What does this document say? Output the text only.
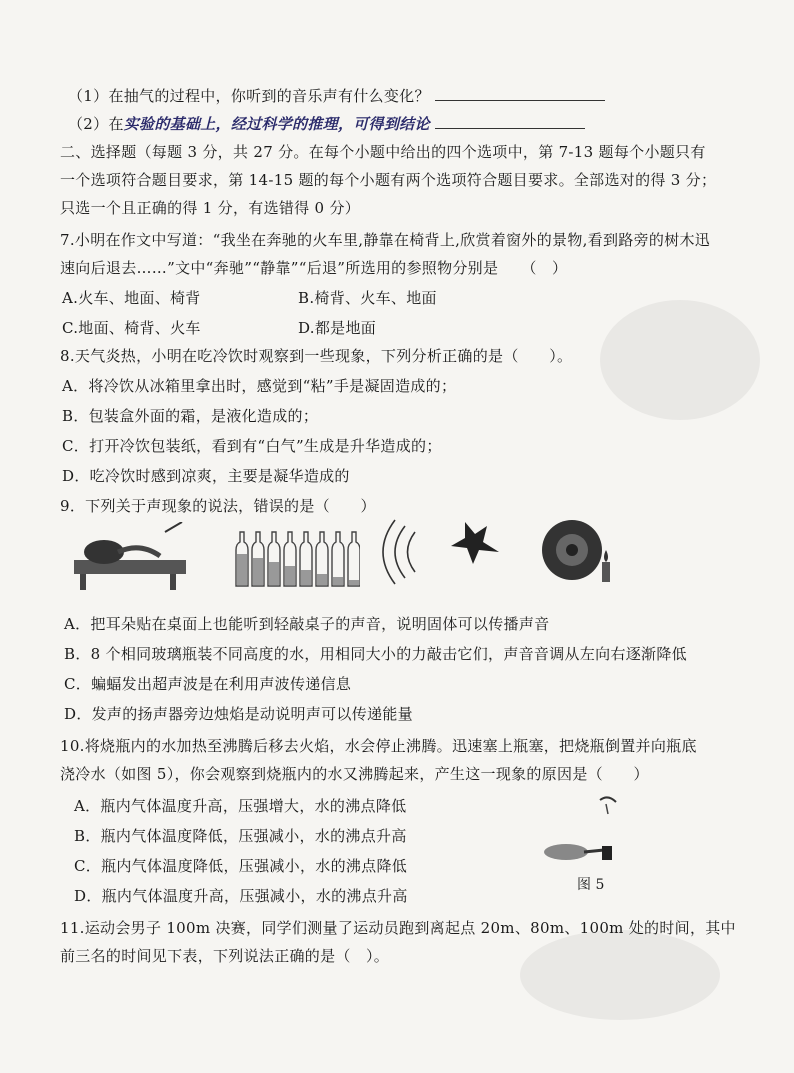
（1）在抽气的过程中，你听到的音乐声有什么变化？
（2）在实验的基础上，经过科学的推理，可得到结论
二、选择题（每题 3 分，共 27 分。在每个小题中给出的四个选项中，第 7-13 题每个小题只有
一个选项符合题目要求，第 14-15 题的每个小题有两个选项符合题目要求。全部选对的得 3 分；
只选一个且正确的得 1 分，有选错得 0 分）
7.小明在作文中写道：“我坐在奔驰的火车里,静靠在椅背上,欣赏着窗外的景物,看到路旁的树木迅
速向后退去……”文中“奔驰”“静靠”“后退”所选用的参照物分别是　　（　）
A.火车、地面、椅背	B.椅背、火车、地面
C.地面、椅背、火车	D.都是地面
8.天气炎热，小明在吃冷饮时观察到一些现象，下列分析正确的是（　　）。
A．将冷饮从冰箱里拿出时，感觉到“粘”手是凝固造成的；
B．包装盒外面的霜，是液化造成的；
C．打开冷饮包装纸，看到有“白气”生成是升华造成的；
D．吃冷饮时感到凉爽，主要是凝华造成的
9．下列关于声现象的说法，错误的是（　　）
A．把耳朵贴在桌面上也能听到轻敲桌子的声音，说明固体可以传播声音
B．8 个相同玻璃瓶装不同高度的水，用相同大小的力敲击它们，声音音调从左向右逐渐降低
C．蝙蝠发出超声波是在利用声波传递信息
D．发声的扬声器旁边烛焰是动说明声可以传递能量
10.将烧瓶内的水加热至沸腾后移去火焰，水会停止沸腾。迅速塞上瓶塞，把烧瓶倒置并向瓶底
浇冷水（如图 5），你会观察到烧瓶内的水又沸腾起来，产生这一现象的原因是（　　）
A．瓶内气体温度升高，压强增大，水的沸点降低
B．瓶内气体温度降低，压强减小，水的沸点升高
C．瓶内气体温度降低，压强减小，水的沸点降低
D．瓶内气体温度升高，压强减小，水的沸点升高
图 5
11.运动会男子 100m 决赛，同学们测量了运动员跑到离起点 20m、80m、100m 处的时间，其中
前三名的时间见下表，下列说法正确的是（　）。
